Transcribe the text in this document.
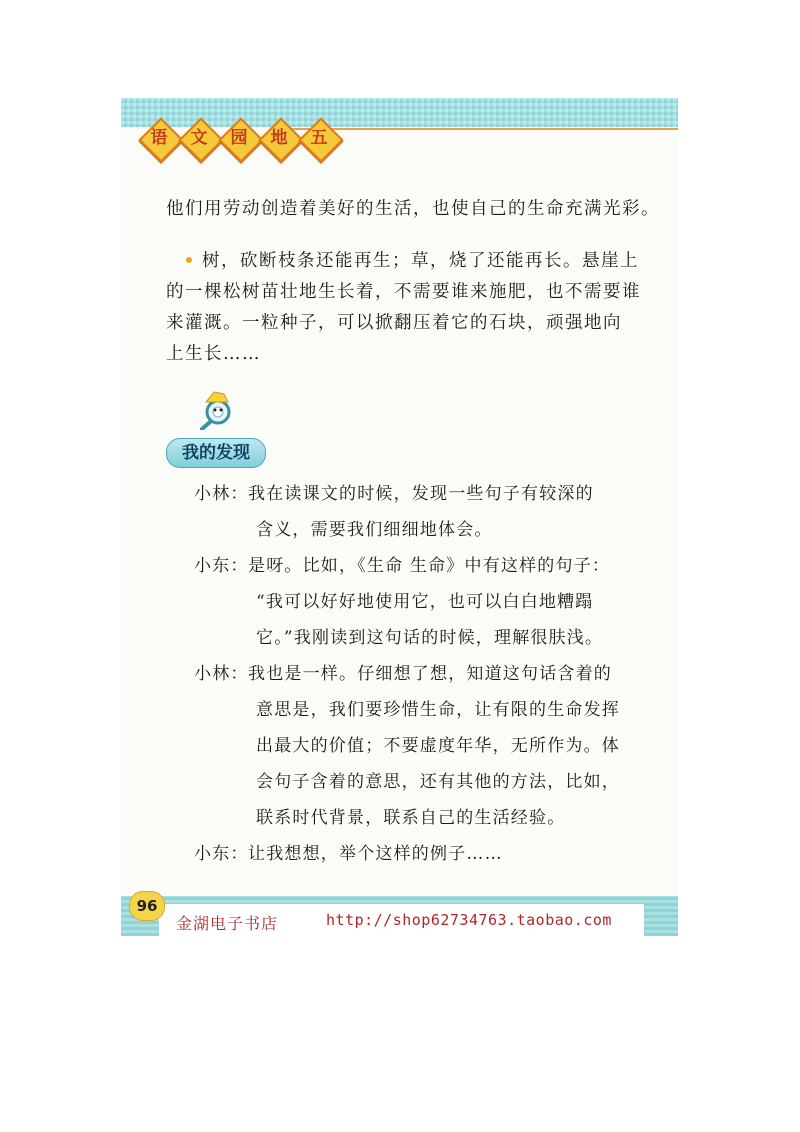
语	文	园	地	五

他们用劳动创造着美好的生活，也使自己的生命充满光彩。

树，砍断枝条还能再生；草，烧了还能再长。悬崖上
的一棵松树苗壮地生长着，不需要谁来施肥，也不需要谁
来灌溉。一粒种子，可以掀翻压着它的石块，顽强地向
上生长……
我的发现
小林： 我在读课文的时候，发现一些句子有较深的
含义，需要我们细细地体会。
小东： 是呀。比如，《生命 生命》中有这样的句子：
“我可以好好地使用它，也可以白白地糟蹋
它。”我刚读到这句话的时候，理解很肤浅。
小林： 我也是一样。仔细想了想，知道这句话含着的
意思是，我们要珍惜生命，让有限的生命发挥
出最大的价值；不要虚度年华，无所作为。体
会句子含着的意思，还有其他的方法，比如，
联系时代背景，联系自己的生活经验。
小东： 让我想想，举个这样的例子……
96
金湖电子书店	http://shop62734763.taobao.com
